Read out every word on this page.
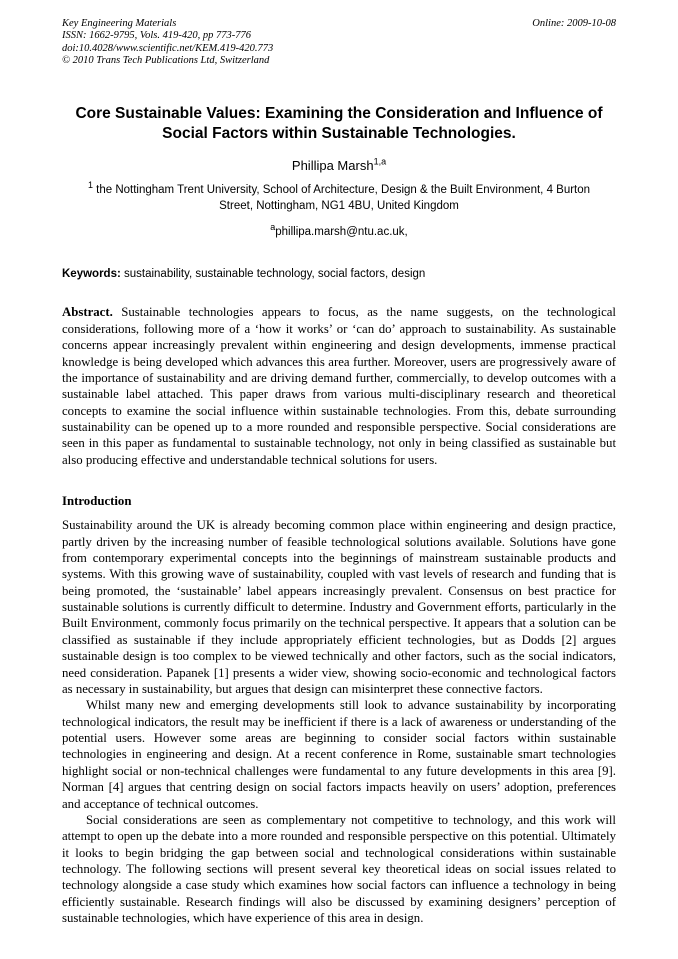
Key Engineering Materials
ISSN: 1662-9795, Vols. 419-420, pp 773-776
doi:10.4028/www.scientific.net/KEM.419-420.773
© 2010 Trans Tech Publications Ltd, Switzerland
Online: 2009-10-08
Core Sustainable Values: Examining the Consideration and Influence of Social Factors within Sustainable Technologies.
Phillipa Marsh$^{1,a}$
$^1$ the Nottingham Trent University, School of Architecture, Design & the Built Environment, 4 Burton Street, Nottingham, NG1 4BU, United Kingdom
$^a$phillipa.marsh@ntu.ac.uk,
Keywords: sustainability, sustainable technology, social factors, design

Abstract. Sustainable technologies appears to focus, as the name suggests, on the technological considerations, following more of a ‘how it works’ or ‘can do’ approach to sustainability. As sustainable concerns appear increasingly prevalent within engineering and design developments, immense practical knowledge is being developed which advances this area further. Moreover, users are progressively aware of the importance of sustainability and are driving demand further, commercially, to develop outcomes with a sustainable label attached. This paper draws from various multi-disciplinary research and theoretical concepts to examine the social influence within sustainable technologies. From this, debate surrounding sustainability can be opened up to a more rounded and responsible perspective. Social considerations are seen in this paper as fundamental to sustainable technology, not only in being classified as sustainable but also producing effective and understandable technical solutions for users.

Introduction

Sustainability around the UK is already becoming common place within engineering and design practice, partly driven by the increasing number of feasible technological solutions available. Solutions have gone from contemporary experimental concepts into the beginnings of mainstream sustainable products and systems. With this growing wave of sustainability, coupled with vast levels of research and funding that is being promoted, the ‘sustainable’ label appears increasingly prevalent. Consensus on best practice for sustainable solutions is currently difficult to determine. Industry and Government efforts, particularly in the Built Environment, commonly focus primarily on the technical perspective. It appears that a solution can be classified as sustainable if they include appropriately efficient technologies, but as Dodds [2] argues sustainable design is too complex to be viewed technically and other factors, such as the social indicators, need consideration. Papanek [1] presents a wider view, showing socio-economic and technological factors as necessary in sustainability, but argues that design can misinterpret these connective factors.

Whilst many new and emerging developments still look to advance sustainability by incorporating technological indicators, the result may be inefficient if there is a lack of awareness or understanding of the potential users. However some areas are beginning to consider social factors within sustainable technologies in engineering and design. At a recent conference in Rome, sustainable smart technologies highlight social or non-technical challenges were fundamental to any future developments in this area [9]. Norman [4] argues that centring design on social factors impacts heavily on users’ adoption, preferences and acceptance of technical outcomes.

Social considerations are seen as complementary not competitive to technology, and this work will attempt to open up the debate into a more rounded and responsible perspective on this potential. Ultimately it looks to begin bridging the gap between social and technological considerations within sustainable technology. The following sections will present several key theoretical ideas on social issues related to technology alongside a case study which examines how social factors can influence a technology in being efficiently sustainable. Research findings will also be discussed by examining designers’ perception of sustainable technologies, which have experience of this area in design.
